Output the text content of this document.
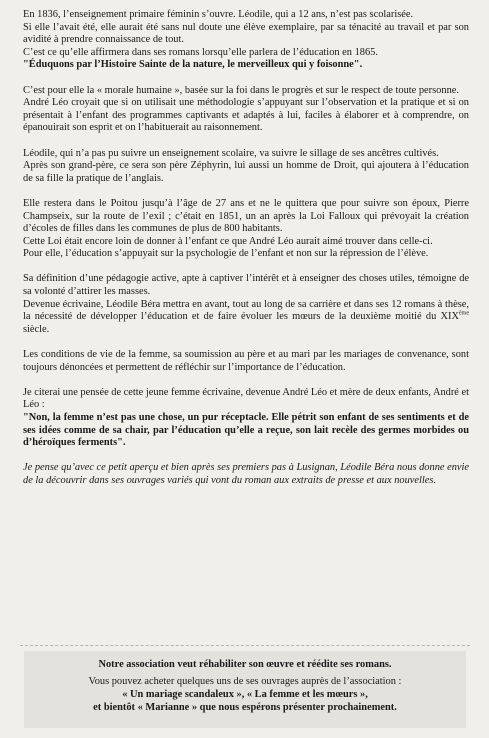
En 1836, l’enseignement primaire féminin s’ouvre. Léodile, qui a 12 ans, n’est pas scolarisée.
Si elle l’avait été, elle aurait été sans nul doute une élève exemplaire, par sa ténacité au travail et par son avidité à prendre connaissance de tout.
C’est ce qu’elle affirmera dans ses romans lorsqu’elle parlera de l’éducation en 1865.
"Éduquons par l’Histoire Sainte de la nature, le merveilleux qui y foisonne".

C’est pour elle la « morale humaine », basée sur la foi dans le progrès et sur le respect de toute personne.
André Léo croyait que si on utilisait une méthodologie s’appuyant sur l’observation et la pratique et si on présentait à l’enfant des programmes captivants et adaptés à lui, faciles à élaborer et à comprendre, on épanouirait son esprit et on l’habituerait au raisonnement.

Léodile, qui n’a pas pu suivre un enseignement scolaire, va suivre le sillage de ses ancêtres cultivés.
Après son grand-père, ce sera son père Zéphyrin, lui aussi un homme de Droit, qui ajoutera à l’éducation de sa fille la pratique de l’anglais.

Elle restera dans le Poitou jusqu’à l’âge de 27 ans et ne le quittera que pour suivre son époux, Pierre Champseix, sur la route de l’exil ; c’était en 1851, un an après la Loi Falloux qui prévoyait la création d’écoles de filles dans les communes de plus de 800 habitants.
Cette Loi était encore loin de donner à l’enfant ce que André Léo aurait aimé trouver dans celle-ci.
Pour elle, l’éducation s’appuyait sur la psychologie de l’enfant et non sur la répression de l’élève.

Sa définition d’une pédagogie active, apte à captiver l’intérêt et à enseigner des choses utiles, témoigne de sa volonté d’attirer les masses.
Devenue écrivaine, Léodile Béra mettra en avant, tout au long de sa carrière et dans ses 12 romans à thèse, la nécessité de développer l’éducation et de faire évoluer les mœurs de la deuxième moitié du XIXème siècle.

Les conditions de vie de la femme, sa soumission au père et au mari par les mariages de convenance, sont toujours dénoncées et permettent de réfléchir sur l’importance de l’éducation.

Je citerai une pensée de cette jeune femme écrivaine, devenue André Léo et mère de deux enfants, André et Léo :
"Non, la femme n’est pas une chose, un pur réceptacle. Elle pétrit son enfant de ses sentiments et de ses idées comme de sa chair, par l’éducation qu’elle a reçue, son lait recèle des germes morbides ou d’héroïques ferments".

Je pense qu’avec ce petit aperçu et bien après ses premiers pas à Lusignan, Léodile Béra nous donne envie de la découvrir dans ses ouvrages variés qui vont du roman aux extraits de presse et aux nouvelles.

Notre association veut réhabiliter son œuvre et réédite ses romans.
Vous pouvez acheter quelques uns de ses ouvrages auprès de l’association :
« Un mariage scandaleux », « La femme et les mœurs »,
et bientôt « Marianne » que nous espérons présenter prochainement.
